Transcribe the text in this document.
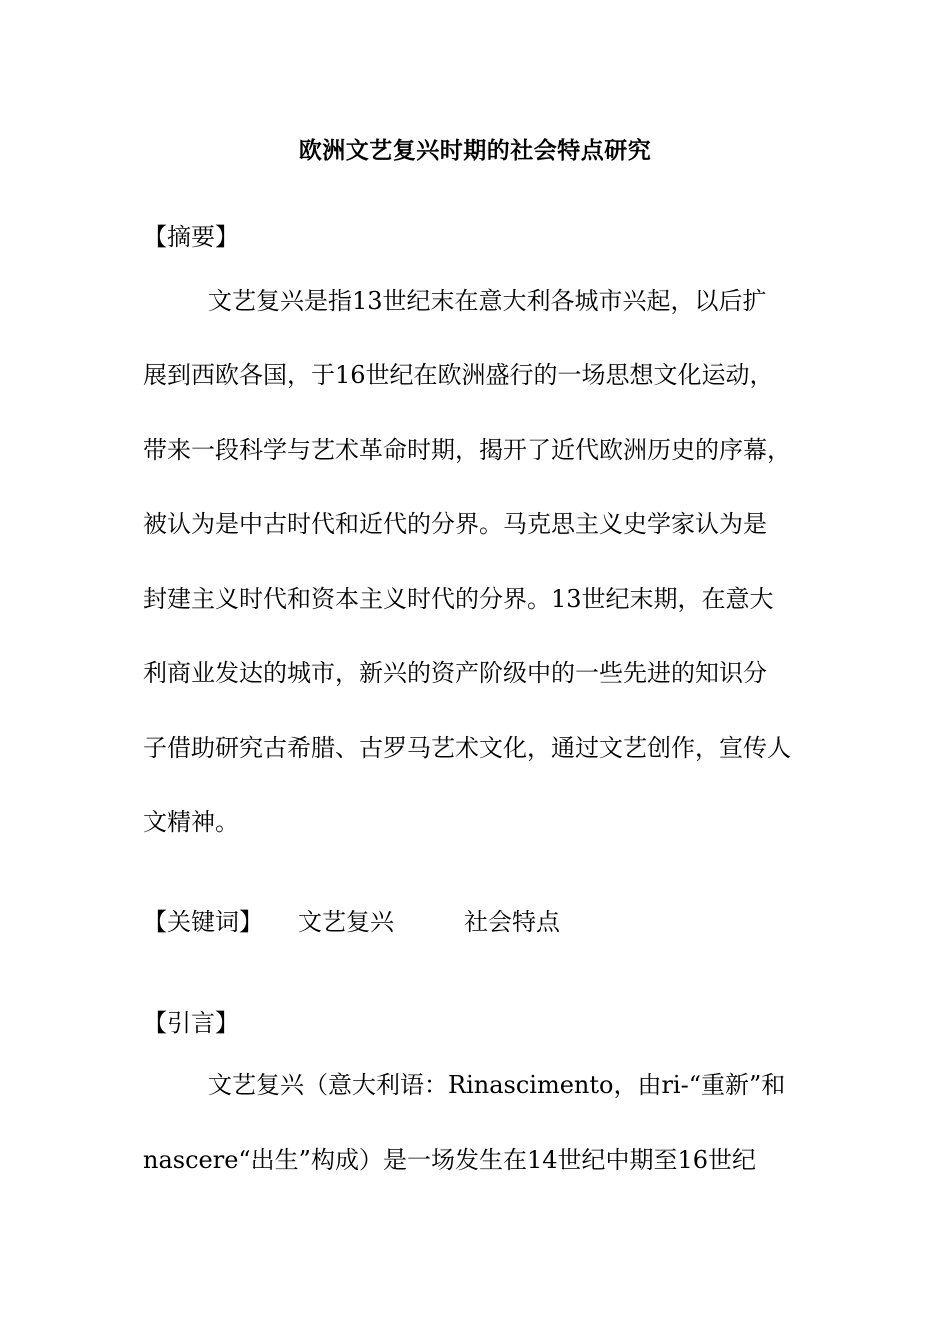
欧洲文艺复兴时期的社会特点研究
【摘要】
文艺复兴是指13世纪末在意大利各城市兴起，以后扩
展到西欧各国，于16世纪在欧洲盛行的一场思想文化运动，
带来一段科学与艺术革命时期，揭开了近代欧洲历史的序幕，
被认为是中古时代和近代的分界。马克思主义史学家认为是
封建主义时代和资本主义时代的分界。13世纪末期，在意大
利商业发达的城市，新兴的资产阶级中的一些先进的知识分
子借助研究古希腊、古罗马艺术文化，通过文艺创作，宣传人
文精神。
【关键词】 文艺复兴	社会特点
【引言】
文艺复兴（意大利语：Rinascimento，由ri-“重新”和
nascere“出生”构成）是一场发生在14世纪中期至16世纪
